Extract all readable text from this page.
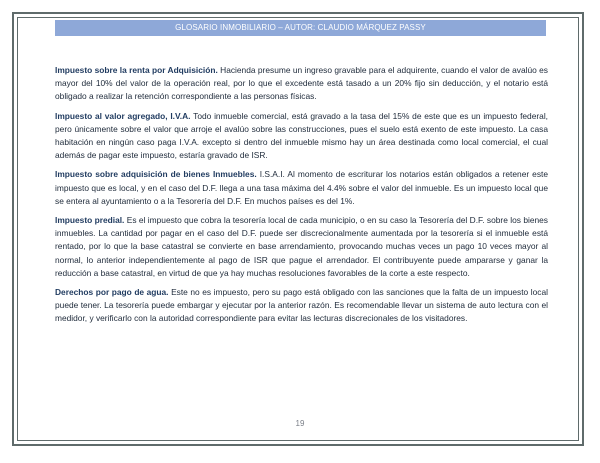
GLOSARIO INMOBILIARIO – AUTOR: CLAUDIO MÁRQUEZ PASSY

Impuesto sobre la renta por Adquisición. Hacienda presume un ingreso gravable para el adquirente, cuando el valor de avalúo es mayor del 10% del valor de la operación real, por lo que el excedente está tasado a un 20% fijo sin deducción, y el notario está obligado a realizar la retención correspondiente a las personas físicas.

Impuesto al valor agregado, I.V.A. Todo inmueble comercial, está gravado a la tasa del 15% de este que es un impuesto federal, pero únicamente sobre el valor que arroje el avalúo sobre las construcciones, pues el suelo está exento de este impuesto. La casa habitación en ningún caso paga I.V.A. excepto si dentro del inmueble mismo hay un área destinada como local comercial, el cual además de pagar este impuesto, estaría gravado de ISR.

Impuesto sobre adquisición de bienes Inmuebles. I.S.A.I. Al momento de escriturar los notarios están obligados a retener este impuesto que es local, y en el caso del D.F. llega a una tasa máxima del 4.4% sobre el valor del inmueble. Es un impuesto local que se entera al ayuntamiento o a la Tesorería del D.F. En muchos países es del 1%.

Impuesto predial. Es el impuesto que cobra la tesorería local de cada municipio, o en su caso la Tesorería del D.F. sobre los bienes inmuebles. La cantidad por pagar en el caso del D.F. puede ser discrecionalmente aumentada por la tesorería si el inmueble está rentado, por lo que la base catastral se convierte en base arrendamiento, provocando muchas veces un pago 10 veces mayor al normal, lo anterior independientemente al pago de ISR que pague el arrendador. El contribuyente puede ampararse y ganar la reducción a base catastral, en virtud de que ya hay muchas resoluciones favorables de la corte a este respecto.

Derechos por pago de agua. Este no es impuesto, pero su pago está obligado con las sanciones que la falta de un impuesto local puede tener. La tesorería puede embargar y ejecutar por la anterior razón. Es recomendable llevar un sistema de auto lectura con el medidor, y verificarlo con la autoridad correspondiente para evitar las lecturas discrecionales de los visitadores.

19
